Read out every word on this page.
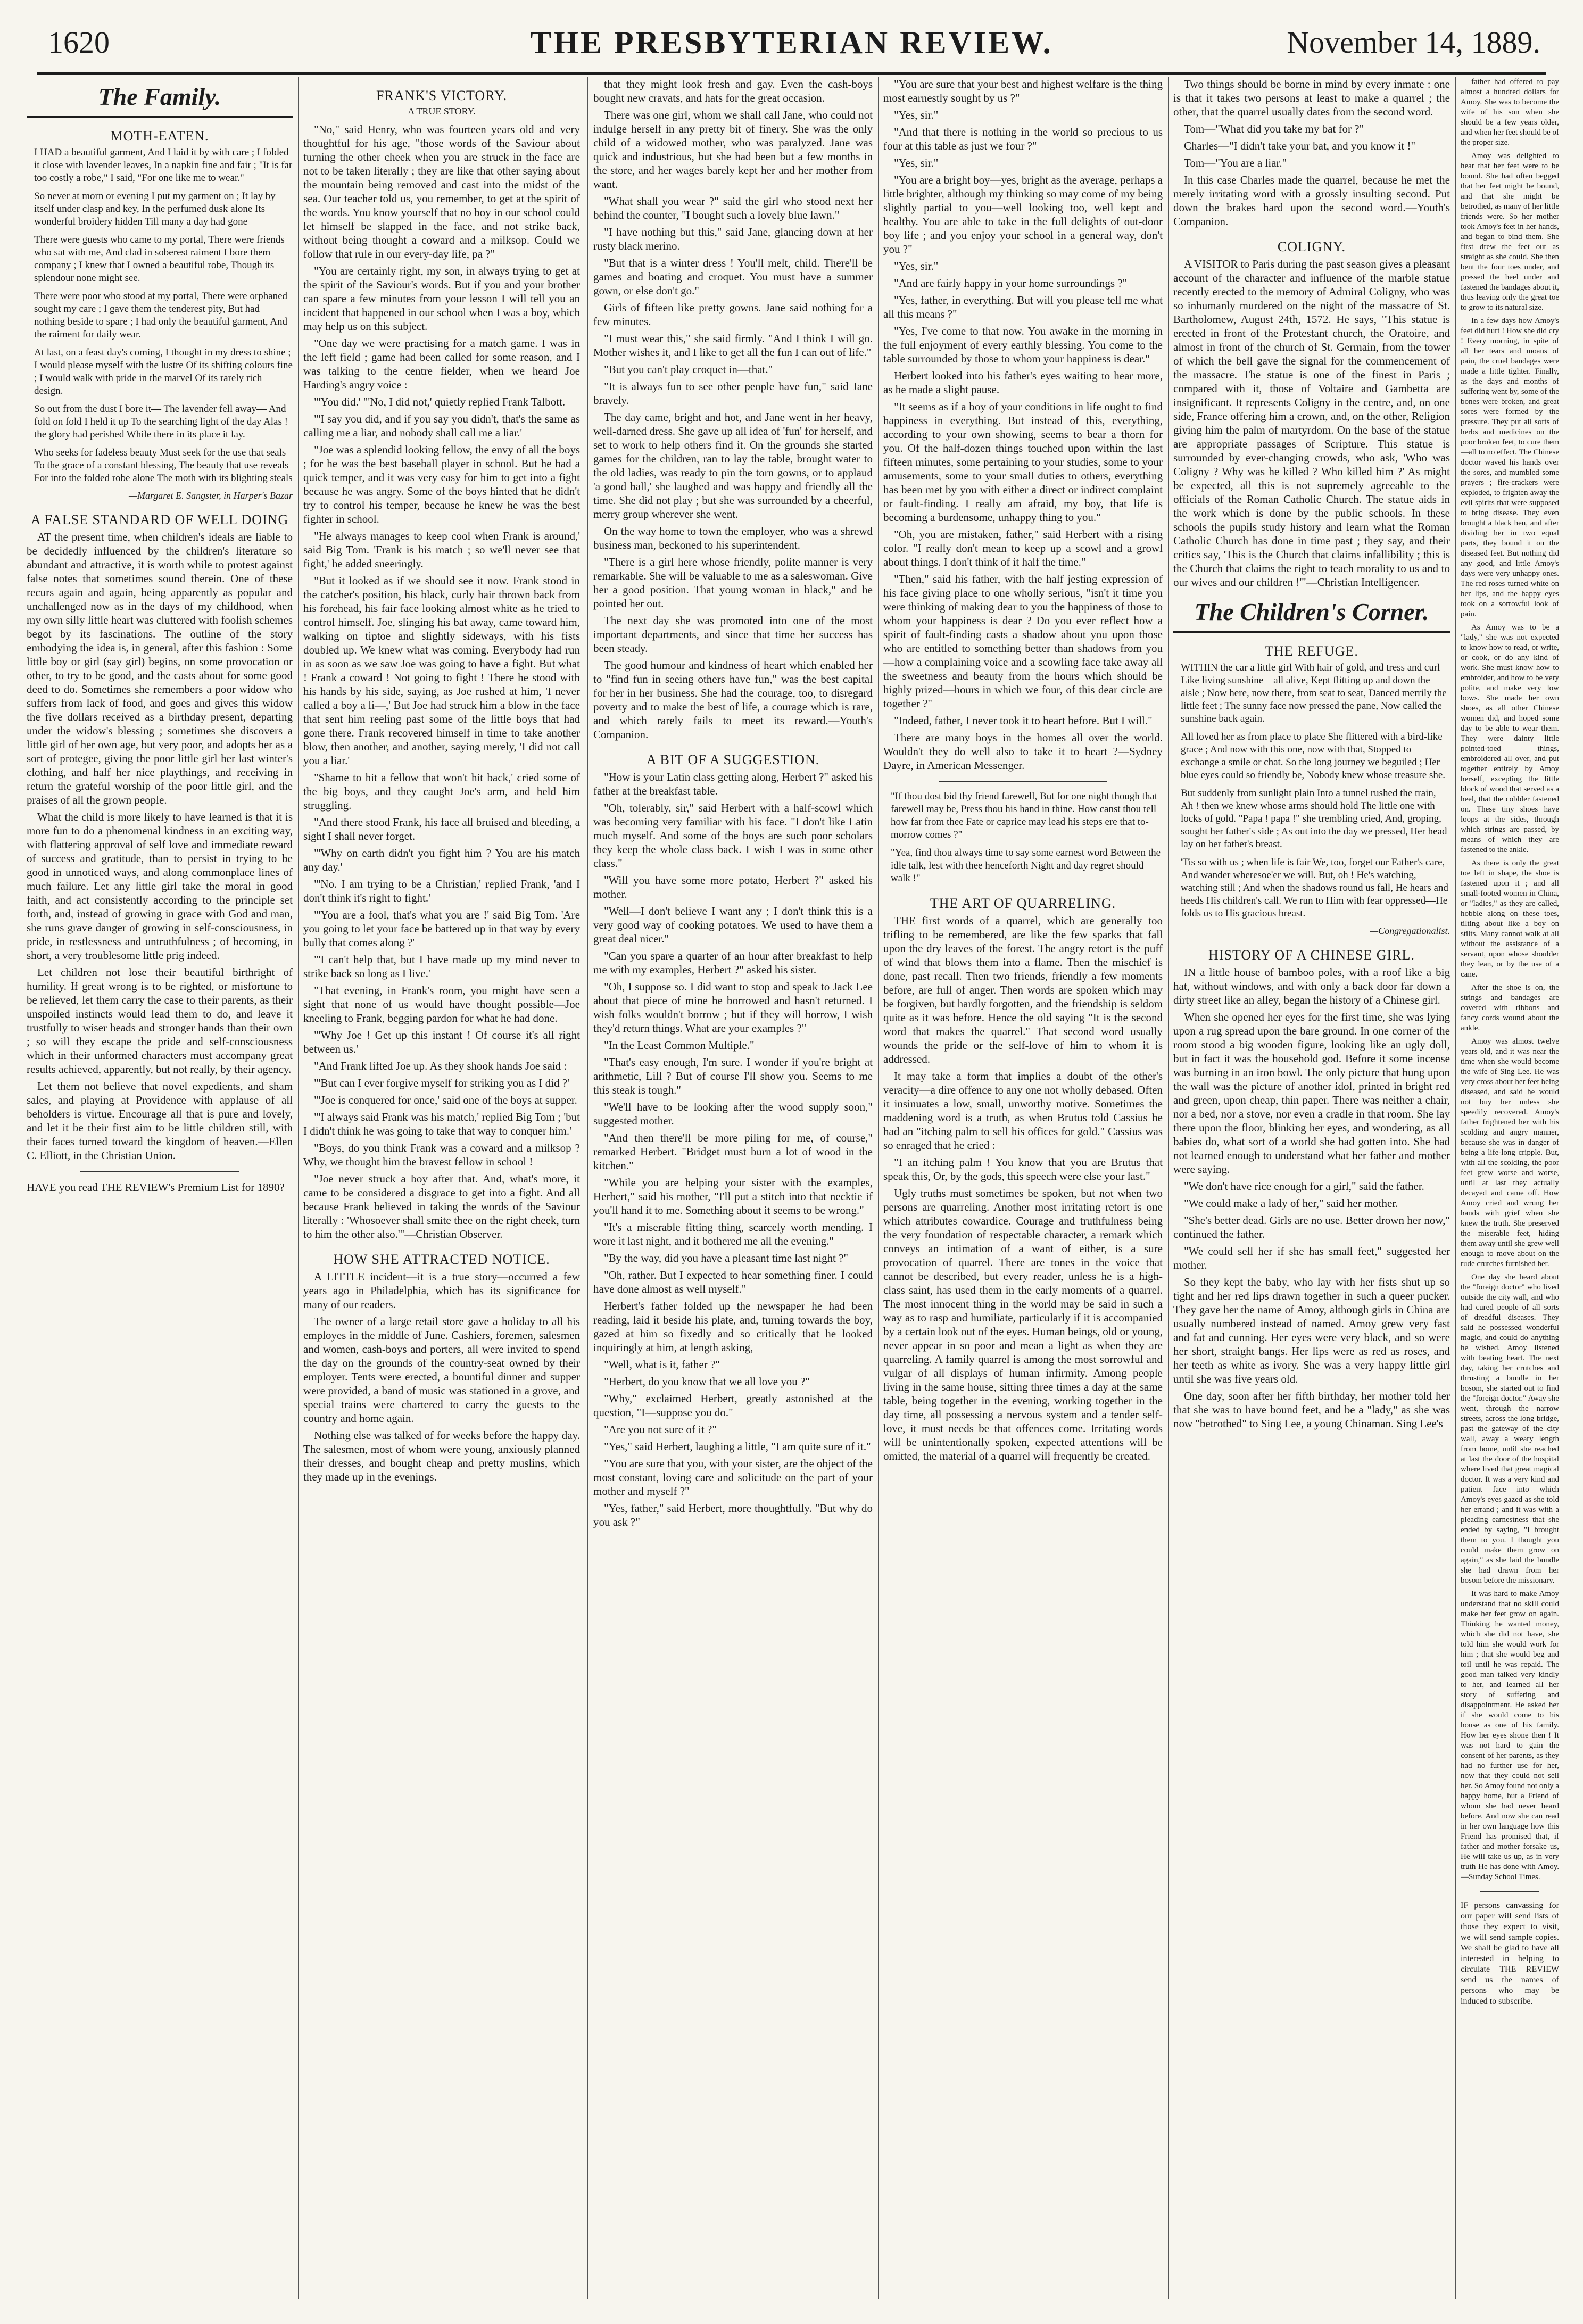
1620	THE PRESBYTERIAN REVIEW.	November 14, 1889.
The Family.
MOTH-EATEN.
I HAD a beautiful garment, And I laid it by with care ; I folded it close with lavender leaves, In a napkin fine and fair ; "It is far too costly a robe," I said, "For one like me to wear."
So never at morn or evening I put my garment on ; It lay by itself under clasp and key, In the perfumed dusk alone Its wonderful broidery hidden Till many a day had gone
There were guests who came to my portal, There were friends who sat with me, And clad in soberest raiment I bore them company ; I knew that I owned a beautiful robe, Though its splendour none might see.
There were poor who stood at my portal, There were orphaned sought my care ; I gave them the tenderest pity, But had nothing beside to spare ; I had only the beautiful garment, And the raiment for daily wear.
At last, on a feast day's coming, I thought in my dress to shine ; I would please myself with the lustre Of its shifting colours fine ; I would walk with pride in the marvel Of its rarely rich design.
So out from the dust I bore it— The lavender fell away— And fold on fold I held it up To the searching light of the day Alas ! the glory had perished While there in its place it lay.
Who seeks for fadeless beauty Must seek for the use that seals To the grace of a constant blessing, The beauty that use reveals For into the folded robe alone The moth with its blighting steals
—Margaret E. Sangster, in Harper's Bazar
A FALSE STANDARD OF WELL DOING

AT the present time, when children's ideals are liable to be decidedly influenced by the children's literature so abundant and attractive, it is worth while to protest against false notes that sometimes sound therein. One of these recurs again and again, being apparently as popular and unchallenged now as in the days of my childhood, when my own silly little heart was cluttered with foolish schemes begot by its fascinations. The outline of the story embodying the idea is, in general, after this fashion : Some little boy or girl (say girl) begins, on some provocation or other, to try to be good, and the casts about for some good deed to do. Sometimes she remembers a poor widow who suffers from lack of food, and goes and gives this widow the five dollars received as a birthday present, departing under the widow's blessing ; sometimes she discovers a little girl of her own age, but very poor, and adopts her as a sort of protegee, giving the poor little girl her last winter's clothing, and half her nice playthings, and receiving in return the grateful worship of the poor little girl, and the praises of all the grown people.

What the child is more likely to have learned is that it is more fun to do a phenomenal kindness in an exciting way, with flattering approval of self love and immediate reward of success and gratitude, than to persist in trying to be good in unnoticed ways, and along commonplace lines of much failure. Let any little girl take the moral in good faith, and act consistently according to the principle set forth, and, instead of growing in grace with God and man, she runs grave danger of growing in self-consciousness, in pride, in restlessness and untruthfulness ; of becoming, in short, a very troublesome little prig indeed.

Let children not lose their beautiful birthright of humility. If great wrong is to be righted, or misfortune to be relieved, let them carry the case to their parents, as their unspoiled instincts would lead them to do, and leave it trustfully to wiser heads and stronger hands than their own ; so will they escape the pride and self-consciousness which in their unformed characters must accompany great results achieved, apparently, but not really, by their agency.

Let them not believe that novel expedients, and sham sales, and playing at Providence with applause of all beholders is virtue. Encourage all that is pure and lovely, and let it be their first aim to be little children still, with their faces turned toward the kingdom of heaven.—Ellen C. Elliott, in the Christian Union.

HAVE you read THE REVIEW's Premium List for 1890?
FRANK'S VICTORY.
A TRUE STORY.

"No," said Henry, who was fourteen years old and very thoughtful for his age, "those words of the Saviour about turning the other cheek when you are struck in the face are not to be taken literally ; they are like that other saying about the mountain being removed and cast into the midst of the sea. Our teacher told us, you remember, to get at the spirit of the words. You know yourself that no boy in our school could let himself be slapped in the face, and not strike back, without being thought a coward and a milksop. Could we follow that rule in our every-day life, pa ?"

"You are certainly right, my son, in always trying to get at the spirit of the Saviour's words. But if you and your brother can spare a few minutes from your lesson I will tell you an incident that happened in our school when I was a boy, which may help us on this subject.

"One day we were practising for a match game. I was in the left field ; game had been called for some reason, and I was talking to the centre fielder, when we heard Joe Harding's angry voice :

"'You did.' "'No, I did not,' quietly replied Frank Talbott.

"'I say you did, and if you say you didn't, that's the same as calling me a liar, and nobody shall call me a liar.'

"Joe was a splendid looking fellow, the envy of all the boys ; for he was the best baseball player in school. But he had a quick temper, and it was very easy for him to get into a fight because he was angry. Some of the boys hinted that he didn't try to control his temper, because he knew he was the best fighter in school.

"He always manages to keep cool when Frank is around,' said Big Tom. 'Frank is his match ; so we'll never see that fight,' he added sneeringly.

"But it looked as if we should see it now. Frank stood in the catcher's position, his black, curly hair thrown back from his forehead, his fair face looking almost white as he tried to control himself. Joe, slinging his bat away, came toward him, walking on tiptoe and slightly sideways, with his fists doubled up. We knew what was coming. Everybody had run in as soon as we saw Joe was going to have a fight. But what ! Frank a coward ! Not going to fight ! There he stood with his hands by his side, saying, as Joe rushed at him, 'I never called a boy a li—,' But Joe had struck him a blow in the face that sent him reeling past some of the little boys that had gone there. Frank recovered himself in time to take another blow, then another, and another, saying merely, 'I did not call you a liar.'

"Shame to hit a fellow that won't hit back,' cried some of the big boys, and they caught Joe's arm, and held him struggling.

"And there stood Frank, his face all bruised and bleeding, a sight I shall never forget.

"'Why on earth didn't you fight him ? You are his match any day.'

"'No. I am trying to be a Christian,' replied Frank, 'and I don't think it's right to fight.'

"'You are a fool, that's what you are !' said Big Tom. 'Are you going to let your face be battered up in that way by every bully that comes along ?'

"'I can't help that, but I have made up my mind never to strike back so long as I live.'

"That evening, in Frank's room, you might have seen a sight that none of us would have thought possible—Joe kneeling to Frank, begging pardon for what he had done.

"'Why Joe ! Get up this instant ! Of course it's all right between us.'

"And Frank lifted Joe up. As they shook hands Joe said :

"'But can I ever forgive myself for striking you as I did ?'

"'Joe is conquered for once,' said one of the boys at supper.

"'I always said Frank was his match,' replied Big Tom ; 'but I didn't think he was going to take that way to conquer him.'

"Boys, do you think Frank was a coward and a milksop ? Why, we thought him the bravest fellow in school !

"Joe never struck a boy after that. And, what's more, it came to be considered a disgrace to get into a fight. And all because Frank believed in taking the words of the Saviour literally : 'Whosoever shall smite thee on the right cheek, turn to him the other also.'"—Christian Observer.

HOW SHE ATTRACTED NOTICE.

A LITTLE incident—it is a true story—occurred a few years ago in Philadelphia, which has its significance for many of our readers.

The owner of a large retail store gave a holiday to all his employes in the middle of June. Cashiers, foremen, salesmen and women, cash-boys and porters, all were invited to spend the day on the grounds of the country-seat owned by their employer. Tents were erected, a bountiful dinner and supper were provided, a band of music was stationed in a grove, and special trains were chartered to carry the guests to the country and home again.

Nothing else was talked of for weeks before the happy day. The salesmen, most of whom were young, anxiously planned their dresses, and bought cheap and pretty muslins, which they made up in the evenings.

that they might look fresh and gay. Even the cash-boys bought new cravats, and hats for the great occasion.

There was one girl, whom we shall call Jane, who could not indulge herself in any pretty bit of finery. She was the only child of a widowed mother, who was paralyzed. Jane was quick and industrious, but she had been but a few months in the store, and her wages barely kept her and her mother from want.

"What shall you wear ?" said the girl who stood next her behind the counter, "I bought such a lovely blue lawn."

"I have nothing but this," said Jane, glancing down at her rusty black merino.

"But that is a winter dress ! You'll melt, child. There'll be games and boating and croquet. You must have a summer gown, or else don't go."

Girls of fifteen like pretty gowns. Jane said nothing for a few minutes.

"I must wear this," she said firmly. "And I think I will go. Mother wishes it, and I like to get all the fun I can out of life."

"But you can't play croquet in—that."

"It is always fun to see other people have fun," said Jane bravely.

The day came, bright and hot, and Jane went in her heavy, well-darned dress. She gave up all idea of 'fun' for herself, and set to work to help others find it. On the grounds she started games for the children, ran to lay the table, brought water to the old ladies, was ready to pin the torn gowns, or to applaud 'a good ball,' she laughed and was happy and friendly all the time. She did not play ; but she was surrounded by a cheerful, merry group wherever she went.

On the way home to town the employer, who was a shrewd business man, beckoned to his superintendent.

"There is a girl here whose friendly, polite manner is very remarkable. She will be valuable to me as a saleswoman. Give her a good position. That young woman in black," and he pointed her out.

The next day she was promoted into one of the most important departments, and since that time her success has been steady.

The good humour and kindness of heart which enabled her to "find fun in seeing others have fun," was the best capital for her in her business. She had the courage, too, to disregard poverty and to make the best of life, a courage which is rare, and which rarely fails to meet its reward.—Youth's Companion.

A BIT OF A SUGGESTION.

"How is your Latin class getting along, Herbert ?" asked his father at the breakfast table.

"Oh, tolerably, sir," said Herbert with a half-scowl which was becoming very familiar with his face. "I don't like Latin much myself. And some of the boys are such poor scholars they keep the whole class back. I wish I was in some other class."

"Will you have some more potato, Herbert ?" asked his mother.

"Well—I don't believe I want any ; I don't think this is a very good way of cooking potatoes. We used to have them a great deal nicer."

"Can you spare a quarter of an hour after breakfast to help me with my examples, Herbert ?" asked his sister.

"Oh, I suppose so. I did want to stop and speak to Jack Lee about that piece of mine he borrowed and hasn't returned. I wish folks wouldn't borrow ; but if they will borrow, I wish they'd return things. What are your examples ?"

"In the Least Common Multiple."

"That's easy enough, I'm sure. I wonder if you're bright at arithmetic, Lill ? But of course I'll show you. Seems to me this steak is tough."

"We'll have to be looking after the wood supply soon," suggested mother.

"And then there'll be more piling for me, of course," remarked Herbert. "Bridget must burn a lot of wood in the kitchen."

"While you are helping your sister with the examples, Herbert," said his mother, "I'll put a stitch into that necktie if you'll hand it to me. Something about it seems to be wrong."

"It's a miserable fitting thing, scarcely worth mending. I wore it last night, and it bothered me all the evening."

"By the way, did you have a pleasant time last night ?"

"Oh, rather. But I expected to hear something finer. I could have done almost as well myself."

Herbert's father folded up the newspaper he had been reading, laid it beside his plate, and, turning towards the boy, gazed at him so fixedly and so critically that he looked inquiringly at him, at length asking,

"Well, what is it, father ?"

"Herbert, do you know that we all love you ?"

"Why," exclaimed Herbert, greatly astonished at the question, "I—suppose you do."

"Are you not sure of it ?"

"Yes," said Herbert, laughing a little, "I am quite sure of it."

"You are sure that you, with your sister, are the object of the most constant, loving care and solicitude on the part of your mother and myself ?"

"Yes, father," said Herbert, more thoughtfully. "But why do you ask ?"

"You are sure that your best and highest welfare is the thing most earnestly sought by us ?"

"Yes, sir."

"And that there is nothing in the world so precious to us four at this table as just we four ?"

"Yes, sir."

"You are a bright boy—yes, bright as the average, perhaps a little brighter, although my thinking so may come of my being slightly partial to you—well looking too, well kept and healthy. You are able to take in the full delights of out-door boy life ; and you enjoy your school in a general way, don't you ?"

"Yes, sir."

"And are fairly happy in your home surroundings ?"

"Yes, father, in everything. But will you please tell me what all this means ?"

"Yes, I've come to that now. You awake in the morning in the full enjoyment of every earthly blessing. You come to the table surrounded by those to whom your happiness is dear."

Herbert looked into his father's eyes waiting to hear more, as he made a slight pause.

"It seems as if a boy of your conditions in life ought to find happiness in everything. But instead of this, everything, according to your own showing, seems to bear a thorn for you. Of the half-dozen things touched upon within the last fifteen minutes, some pertaining to your studies, some to your amusements, some to your small duties to others, everything has been met by you with either a direct or indirect complaint or fault-finding. I really am afraid, my boy, that life is becoming a burdensome, unhappy thing to you."

"Oh, you are mistaken, father," said Herbert with a rising color. "I really don't mean to keep up a scowl and a growl about things. I don't think of it half the time."

"Then," said his father, with the half jesting expression of his face giving place to one wholly serious, "isn't it time you were thinking of making dear to you the happiness of those to whom your happiness is dear ? Do you ever reflect how a spirit of fault-finding casts a shadow about you upon those who are entitled to something better than shadows from you—how a complaining voice and a scowling face take away all the sweetness and beauty from the hours which should be highly prized—hours in which we four, of this dear circle are together ?"

"Indeed, father, I never took it to heart before. But I will."

There are many boys in the homes all over the world. Wouldn't they do well also to take it to heart ?—Sydney Dayre, in American Messenger.

"If thou dost bid thy friend farewell, But for one night though that farewell may be, Press thou his hand in thine. How canst thou tell how far from thee Fate or caprice may lead his steps ere that to-morrow comes ?"
"Yea, find thou always time to say some earnest word Between the idle talk, lest with thee henceforth Night and day regret should walk !"
THE ART OF QUARRELING.

THE first words of a quarrel, which are generally too trifling to be remembered, are like the few sparks that fall upon the dry leaves of the forest. The angry retort is the puff of wind that blows them into a flame. Then the mischief is done, past recall. Then two friends, friendly a few moments before, are full of anger. Then words are spoken which may be forgiven, but hardly forgotten, and the friendship is seldom quite as it was before. Hence the old saying "It is the second word that makes the quarrel." That second word usually wounds the pride or the self-love of him to whom it is addressed.

It may take a form that implies a doubt of the other's veracity—a dire offence to any one not wholly debased. Often it insinuates a low, small, unworthy motive. Sometimes the maddening word is a truth, as when Brutus told Cassius he had an "itching palm to sell his offices for gold." Cassius was so enraged that he cried :

"I an itching palm ! You know that you are Brutus that speak this, Or, by the gods, this speech were else your last."

Ugly truths must sometimes be spoken, but not when two persons are quarreling. Another most irritating retort is one which attributes cowardice. Courage and truthfulness being the very foundation of respectable character, a remark which conveys an intimation of a want of either, is a sure provocation of quarrel. There are tones in the voice that cannot be described, but every reader, unless he is a high-class saint, has used them in the early moments of a quarrel. The most innocent thing in the world may be said in such a way as to rasp and humiliate, particularly if it is accompanied by a certain look out of the eyes. Human beings, old or young, never appear in so poor and mean a light as when they are quarreling. A family quarrel is among the most sorrowful and vulgar of all displays of human infirmity. Among people living in the same house, sitting three times a day at the same table, being together in the evening, working together in the day time, all possessing a nervous system and a tender self-love, it must needs be that offences come. Irritating words will be unintentionally spoken, expected attentions will be omitted, the material of a quarrel will frequently be created.

Two things should be borne in mind by every inmate : one is that it takes two persons at least to make a quarrel ; the other, that the quarrel usually dates from the second word.

Tom—"What did you take my bat for ?"

Charles—"I didn't take your bat, and you know it !"

Tom—"You are a liar."

In this case Charles made the quarrel, because he met the merely irritating word with a grossly insulting second. Put down the brakes hard upon the second word.—Youth's Companion.

COLIGNY.

A VISITOR to Paris during the past season gives a pleasant account of the character and influence of the marble statue recently erected to the memory of Admiral Coligny, who was so inhumanly murdered on the night of the massacre of St. Bartholomew, August 24th, 1572. He says, "This statue is erected in front of the Protestant church, the Oratoire, and almost in front of the church of St. Germain, from the tower of which the bell gave the signal for the commencement of the massacre. The statue is one of the finest in Paris ; compared with it, those of Voltaire and Gambetta are insignificant. It represents Coligny in the centre, and, on one side, France offering him a crown, and, on the other, Religion giving him the palm of martyrdom. On the base of the statue are appropriate passages of Scripture. This statue is surrounded by ever-changing crowds, who ask, 'Who was Coligny ? Why was he killed ? Who killed him ?' As might be expected, all this is not supremely agreeable to the officials of the Roman Catholic Church. The statue aids in the work which is done by the public schools. In these schools the pupils study history and learn what the Roman Catholic Church has done in time past ; they say, and their critics say, 'This is the Church that claims infallibility ; this is the Church that claims the right to teach morality to us and to our wives and our children !'"—Christian Intelligencer.

The Children's Corner.
THE REFUGE.
WITHIN the car a little girl With hair of gold, and tress and curl Like living sunshine—all alive, Kept flitting up and down the aisle ; Now here, now there, from seat to seat, Danced merrily the little feet ; The sunny face now pressed the pane, Now called the sunshine back again.
All loved her as from place to place She flittered with a bird-like grace ; And now with this one, now with that, Stopped to exchange a smile or chat. So the long journey we beguiled ; Her blue eyes could so friendly be, Nobody knew whose treasure she.
But suddenly from sunlight plain Into a tunnel rushed the train, Ah ! then we knew whose arms should hold The little one with locks of gold. "Papa ! papa !" she trembling cried, And, groping, sought her father's side ; As out into the day we pressed, Her head lay on her father's breast.
'Tis so with us ; when life is fair We, too, forget our Father's care, And wander wheresoe'er we will. But, oh ! He's watching, watching still ; And when the shadows round us fall, He hears and heeds His children's call. We run to Him with fear oppressed—He folds us to His gracious breast.
—Congregationalist.
HISTORY OF A CHINESE GIRL.

IN a little house of bamboo poles, with a roof like a big hat, without windows, and with only a back door far down a dirty street like an alley, began the history of a Chinese girl.

When she opened her eyes for the first time, she was lying upon a rug spread upon the bare ground. In one corner of the room stood a big wooden figure, looking like an ugly doll, but in fact it was the household god. Before it some incense was burning in an iron bowl. The only picture that hung upon the wall was the picture of another idol, printed in bright red and green, upon cheap, thin paper. There was neither a chair, nor a bed, nor a stove, nor even a cradle in that room. She lay there upon the floor, blinking her eyes, and wondering, as all babies do, what sort of a world she had gotten into. She had not learned enough to understand what her father and mother were saying.

"We don't have rice enough for a girl," said the father.

"We could make a lady of her," said her mother.

"She's better dead. Girls are no use. Better drown her now," continued the father.

"We could sell her if she has small feet," suggested her mother.

So they kept the baby, who lay with her fists shut up so tight and her red lips drawn together in such a queer pucker. They gave her the name of Amoy, although girls in China are usually numbered instead of named. Amoy grew very fast and fat and cunning. Her eyes were very black, and so were her short, straight bangs. Her lips were as red as roses, and her teeth as white as ivory. She was a very happy little girl until she was five years old.

One day, soon after her fifth birthday, her mother told her that she was to have bound feet, and be a "lady," as she was now "betrothed" to Sing Lee, a young Chinaman. Sing Lee's

father had offered to pay almost a hundred dollars for Amoy. She was to become the wife of his son when she should be a few years older, and when her feet should be of the proper size.

Amoy was delighted to hear that her feet were to be bound. She had often begged that her feet might be bound, and that she might be betrothed, as many of her little friends were. So her mother took Amoy's feet in her hands, and began to bind them. She first drew the feet out as straight as she could. She then bent the four toes under, and pressed the heel under and fastened the bandages about it, thus leaving only the great toe to grow to its natural size.

In a few days how Amoy's feet did hurt ! How she did cry ! Every morning, in spite of all her tears and moans of pain, the cruel bandages were made a little tighter. Finally, as the days and months of suffering went by, some of the bones were broken, and great sores were formed by the pressure. They put all sorts of herbs and medicines on the poor broken feet, to cure them—all to no effect. The Chinese doctor waved his hands over the sores, and mumbled some prayers ; fire-crackers were exploded, to frighten away the evil spirits that were supposed to bring disease. They even brought a black hen, and after dividing her in two equal parts, they bound it on the diseased feet. But nothing did any good, and little Amoy's days were very unhappy ones. The red roses turned white on her lips, and the happy eyes took on a sorrowful look of pain.

As Amoy was to be a "lady," she was not expected to know how to read, or write, or cook, or do any kind of work. She must know how to embroider, and how to be very polite, and make very low bows. She made her own shoes, as all other Chinese women did, and hoped some day to be able to wear them. They were dainty little pointed-toed things, embroidered all over, and put together entirely by Amoy herself, excepting the little block of wood that served as a heel, that the cobbler fastened on. These tiny shoes have loops at the sides, through which strings are passed, by means of which they are fastened to the ankle.

As there is only the great toe left in shape, the shoe is fastened upon it ; and all small-footed women in China, or "ladies," as they are called, hobble along on these toes, tilting about like a boy on stilts. Many cannot walk at all without the assistance of a servant, upon whose shoulder they lean, or by the use of a cane.

After the shoe is on, the strings and bandages are covered with ribbons and fancy cords wound about the ankle.

Amoy was almost twelve years old, and it was near the time when she would become the wife of Sing Lee. He was very cross about her feet being diseased, and said he would not buy her unless she speedily recovered. Amoy's father frightened her with his scolding and angry manner, because she was in danger of being a life-long cripple. But, with all the scolding, the poor feet grew worse and worse, until at last they actually decayed and came off. How Amoy cried and wrung her hands with grief when she knew the truth. She preserved the miserable feet, hiding them away until she grew well enough to move about on the rude crutches furnished her.

One day she heard about the "foreign doctor" who lived outside the city wall, and who had cured people of all sorts of dreadful diseases. They said he possessed wonderful magic, and could do anything he wished. Amoy listened with beating heart. The next day, taking her crutches and thrusting a bundle in her bosom, she started out to find the "foreign doctor." Away she went, through the narrow streets, across the long bridge, past the gateway of the city wall, away a weary length from home, until she reached at last the door of the hospital where lived that great magical doctor. It was a very kind and patient face into which Amoy's eyes gazed as she told her errand ; and it was with a pleading earnestness that she ended by saying, "I brought them to you. I thought you could make them grow on again," as she laid the bundle she had drawn from her bosom before the missionary.

It was hard to make Amoy understand that no skill could make her feet grow on again. Thinking he wanted money, which she did not have, she told him she would work for him ; that she would beg and toil until he was repaid. The good man talked very kindly to her, and learned all her story of suffering and disappointment. He asked her if she would come to his house as one of his family. How her eyes shone then ! It was not hard to gain the consent of her parents, as they had no further use for her, now that they could not sell her. So Amoy found not only a happy home, but a Friend of whom she had never heard before. And now she can read in her own language how this Friend has promised that, if father and mother forsake us, He will take us up, as in very truth He has done with Amoy.—Sunday School Times.

IF persons canvassing for our paper will send lists of those they expect to visit, we will send sample copies. We shall be glad to have all interested in helping to circulate THE REVIEW send us the names of persons who may be induced to subscribe.
